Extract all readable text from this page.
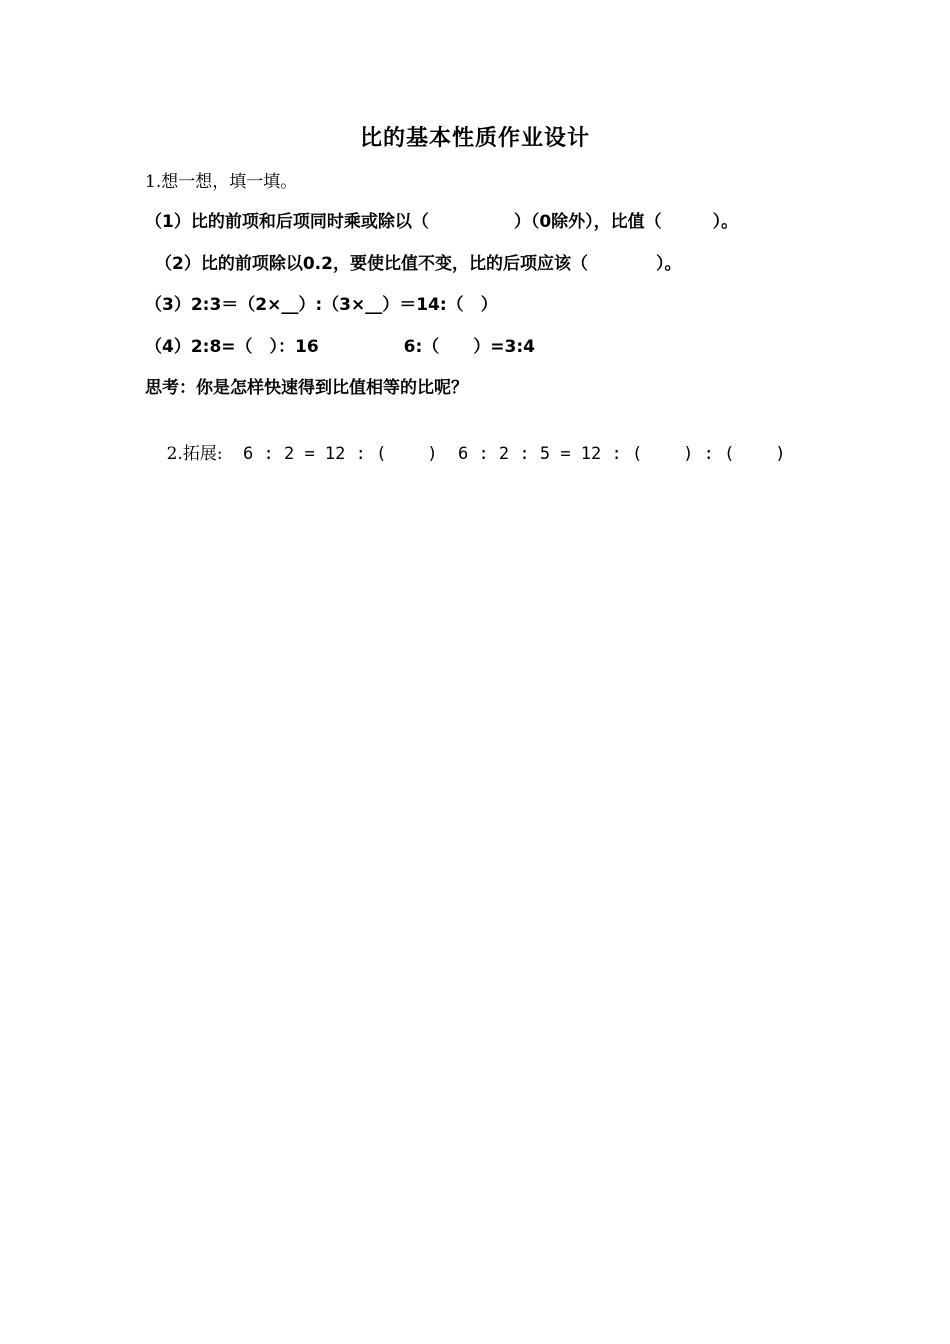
比的基本性质作业设计
1.想一想，填一填。
（1）比的前项和后项同时乘或除以（　　　　　）（0除外），比值（　　　）。
（2）比的前项除以0.2，要使比值不变，比的后项应该（　　　　）。
（3）2:3＝（2×__）:（3×__）＝14:（　）
（4）2:8=（　）：16　　　　　6:（　　）=3:4
思考：你是怎样快速得到比值相等的比呢？

2.拓展:  6 : 2 = 12 : (    )  6 : 2 : 5 = 12 : (    ) : (    )
